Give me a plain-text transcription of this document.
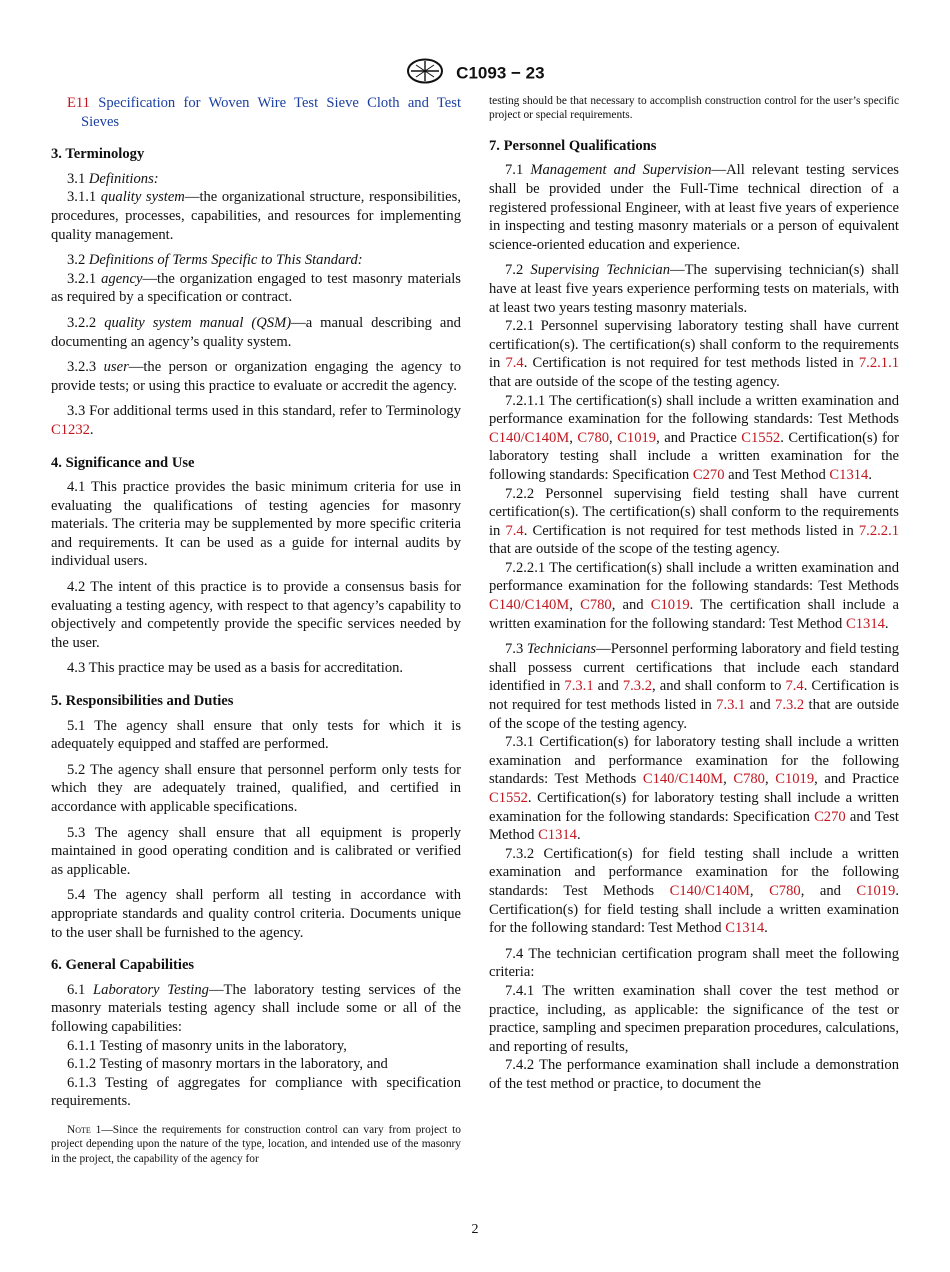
C1093 − 23

E11 Specification for Woven Wire Test Sieve Cloth and Test Sieves

3. Terminology

3.1 Definitions:

3.1.1 quality system—the organizational structure, responsibilities, procedures, processes, capabilities, and resources for implementing quality management.

3.2 Definitions of Terms Specific to This Standard:

3.2.1 agency—the organization engaged to test masonry materials as required by a specification or contract.

3.2.2 quality system manual (QSM)—a manual describing and documenting an agency’s quality system.

3.2.3 user—the person or organization engaging the agency to provide tests; or using this practice to evaluate or accredit the agency.

3.3 For additional terms used in this standard, refer to Terminology C1232.

4. Significance and Use

4.1 This practice provides the basic minimum criteria for use in evaluating the qualifications of testing agencies for masonry materials. The criteria may be supplemented by more specific criteria and requirements. It can be used as a guide for internal audits by individual users.

4.2 The intent of this practice is to provide a consensus basis for evaluating a testing agency, with respect to that agency’s capability to objectively and competently provide the specific services needed by the user.

4.3 This practice may be used as a basis for accreditation.

5. Responsibilities and Duties

5.1 The agency shall ensure that only tests for which it is adequately equipped and staffed are performed.

5.2 The agency shall ensure that personnel perform only tests for which they are adequately trained, qualified, and certified in accordance with applicable specifications.

5.3 The agency shall ensure that all equipment is properly maintained in good operating condition and is calibrated or verified as applicable.

5.4 The agency shall perform all testing in accordance with appropriate standards and quality control criteria. Documents unique to the user shall be furnished to the agency.

6. General Capabilities

6.1 Laboratory Testing—The laboratory testing services of the masonry materials testing agency shall include some or all of the following capabilities:

6.1.1 Testing of masonry units in the laboratory,

6.1.2 Testing of masonry mortars in the laboratory, and

6.1.3 Testing of aggregates for compliance with specification requirements.

Note 1—Since the requirements for construction control can vary from project to project depending upon the nature of the type, location, and intended use of the masonry in the project, the capability of the agency for

testing should be that necessary to accomplish construction control for the user’s specific project or special requirements.

7. Personnel Qualifications

7.1 Management and Supervision—All relevant testing services shall be provided under the Full-Time technical direction of a registered professional Engineer, with at least five years of experience in inspecting and testing masonry materials or a person of equivalent science-oriented education and experience.

7.2 Supervising Technician—The supervising technician(s) shall have at least five years experience performing tests on materials, with at least two years testing masonry materials.

7.2.1 Personnel supervising laboratory testing shall have current certification(s). The certification(s) shall conform to the requirements in 7.4. Certification is not required for test methods listed in 7.2.1.1 that are outside of the scope of the testing agency.

7.2.1.1 The certification(s) shall include a written examination and performance examination for the following standards: Test Methods C140/C140M, C780, C1019, and Practice C1552. Certification(s) for laboratory testing shall include a written examination for the following standards: Specification C270 and Test Method C1314.

7.2.2 Personnel supervising field testing shall have current certification(s). The certification(s) shall conform to the requirements in 7.4. Certification is not required for test methods listed in 7.2.2.1 that are outside of the scope of the testing agency.

7.2.2.1 The certification(s) shall include a written examination and performance examination for the following standards: Test Methods C140/C140M, C780, and C1019. The certification shall include a written examination for the following standard: Test Method C1314.

7.3 Technicians—Personnel performing laboratory and field testing shall possess current certifications that include each standard identified in 7.3.1 and 7.3.2, and shall conform to 7.4. Certification is not required for test methods listed in 7.3.1 and 7.3.2 that are outside of the scope of the testing agency.

7.3.1 Certification(s) for laboratory testing shall include a written examination and performance examination for the following standards: Test Methods C140/C140M, C780, C1019, and Practice C1552. Certification(s) for laboratory testing shall include a written examination for the following standards: Specification C270 and Test Method C1314.

7.3.2 Certification(s) for field testing shall include a written examination and performance examination for the following standards: Test Methods C140/C140M, C780, and C1019. Certification(s) for field testing shall include a written examination for the following standard: Test Method C1314.

7.4 The technician certification program shall meet the following criteria:

7.4.1 The written examination shall cover the test method or practice, including, as applicable: the significance of the test or practice, sampling and specimen preparation procedures, calculations, and reporting of results,

7.4.2 The performance examination shall include a demonstration of the test method or practice, to document the

2
